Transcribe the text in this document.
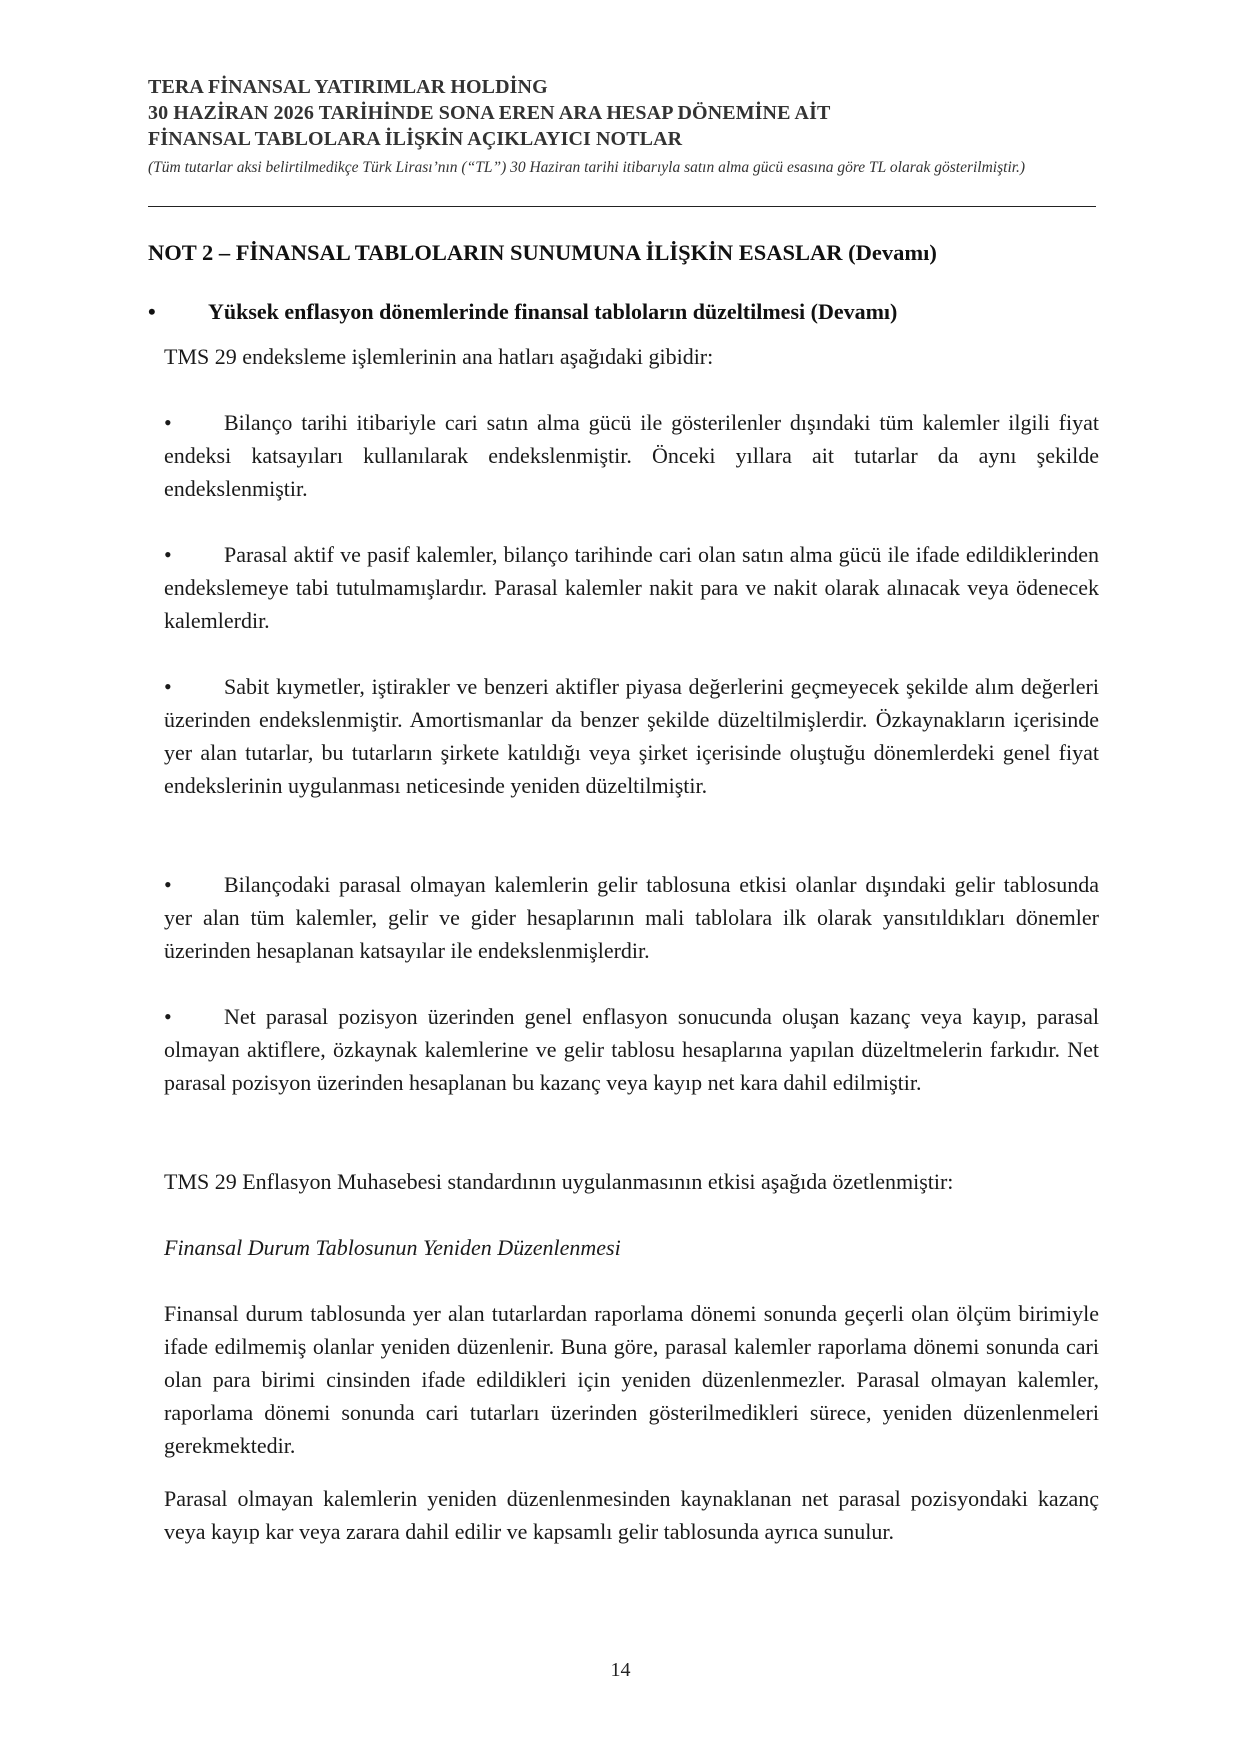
TERA FİNANSAL YATIRIMLAR HOLDİNG
30 HAZİRAN 2026 TARİHİNDE SONA EREN ARA HESAP DÖNEMİNE AİT
FİNANSAL TABLOLARA İLİŞKİN AÇIKLAYICI NOTLAR
(Tüm tutarlar aksi belirtilmedikçe Türk Lirası’nın (“TL”) 30 Haziran tarihi itibarıyla satın alma gücü esasına göre TL olarak gösterilmiştir.)
NOT 2 – FİNANSAL TABLOLARIN SUNUMUNA İLİŞKİN ESASLAR (Devamı)
• Yüksek enflasyon dönemlerinde finansal tabloların düzeltilmesi (Devamı)
TMS 29 endeksleme işlemlerinin ana hatları aşağıdaki gibidir:
• Bilanço tarihi itibariyle cari satın alma gücü ile gösterilenler dışındaki tüm kalemler ilgili fiyat endeksi katsayıları kullanılarak endekslenmiştir. Önceki yıllara ait tutarlar da aynı şekilde endekslenmiştir.
• Parasal aktif ve pasif kalemler, bilanço tarihinde cari olan satın alma gücü ile ifade edildiklerinden endekslemeye tabi tutulmamışlardır. Parasal kalemler nakit para ve nakit olarak alınacak veya ödenecek kalemlerdir.
• Sabit kıymetler, iştirakler ve benzeri aktifler piyasa değerlerini geçmeyecek şekilde alım değerleri üzerinden endekslenmiştir. Amortismanlar da benzer şekilde düzeltilmişlerdir. Özkaynakların içerisinde yer alan tutarlar, bu tutarların şirkete katıldığı veya şirket içerisinde oluştuğu dönemlerdeki genel fiyat endekslerinin uygulanması neticesinde yeniden düzeltilmiştir.
• Bilançodaki parasal olmayan kalemlerin gelir tablosuna etkisi olanlar dışındaki gelir tablosunda yer alan tüm kalemler, gelir ve gider hesaplarının mali tablolara ilk olarak yansıtıldıkları dönemler üzerinden hesaplanan katsayılar ile endekslenmişlerdir.
• Net parasal pozisyon üzerinden genel enflasyon sonucunda oluşan kazanç veya kayıp, parasal olmayan aktiflere, özkaynak kalemlerine ve gelir tablosu hesaplarına yapılan düzeltmelerin farkıdır. Net parasal pozisyon üzerinden hesaplanan bu kazanç veya kayıp net kara dahil edilmiştir.
TMS 29 Enflasyon Muhasebesi standardının uygulanmasının etkisi aşağıda özetlenmiştir:
Finansal Durum Tablosunun Yeniden Düzenlenmesi
Finansal durum tablosunda yer alan tutarlardan raporlama dönemi sonunda geçerli olan ölçüm birimiyle ifade edilmemiş olanlar yeniden düzenlenir. Buna göre, parasal kalemler raporlama dönemi sonunda cari olan para birimi cinsinden ifade edildikleri için yeniden düzenlenmezler. Parasal olmayan kalemler, raporlama dönemi sonunda cari tutarları üzerinden gösterilmedikleri sürece, yeniden düzenlenmeleri gerekmektedir.
Parasal olmayan kalemlerin yeniden düzenlenmesinden kaynaklanan net parasal pozisyondaki kazanç veya kayıp kar veya zarara dahil edilir ve kapsamlı gelir tablosunda ayrıca sunulur.
14
